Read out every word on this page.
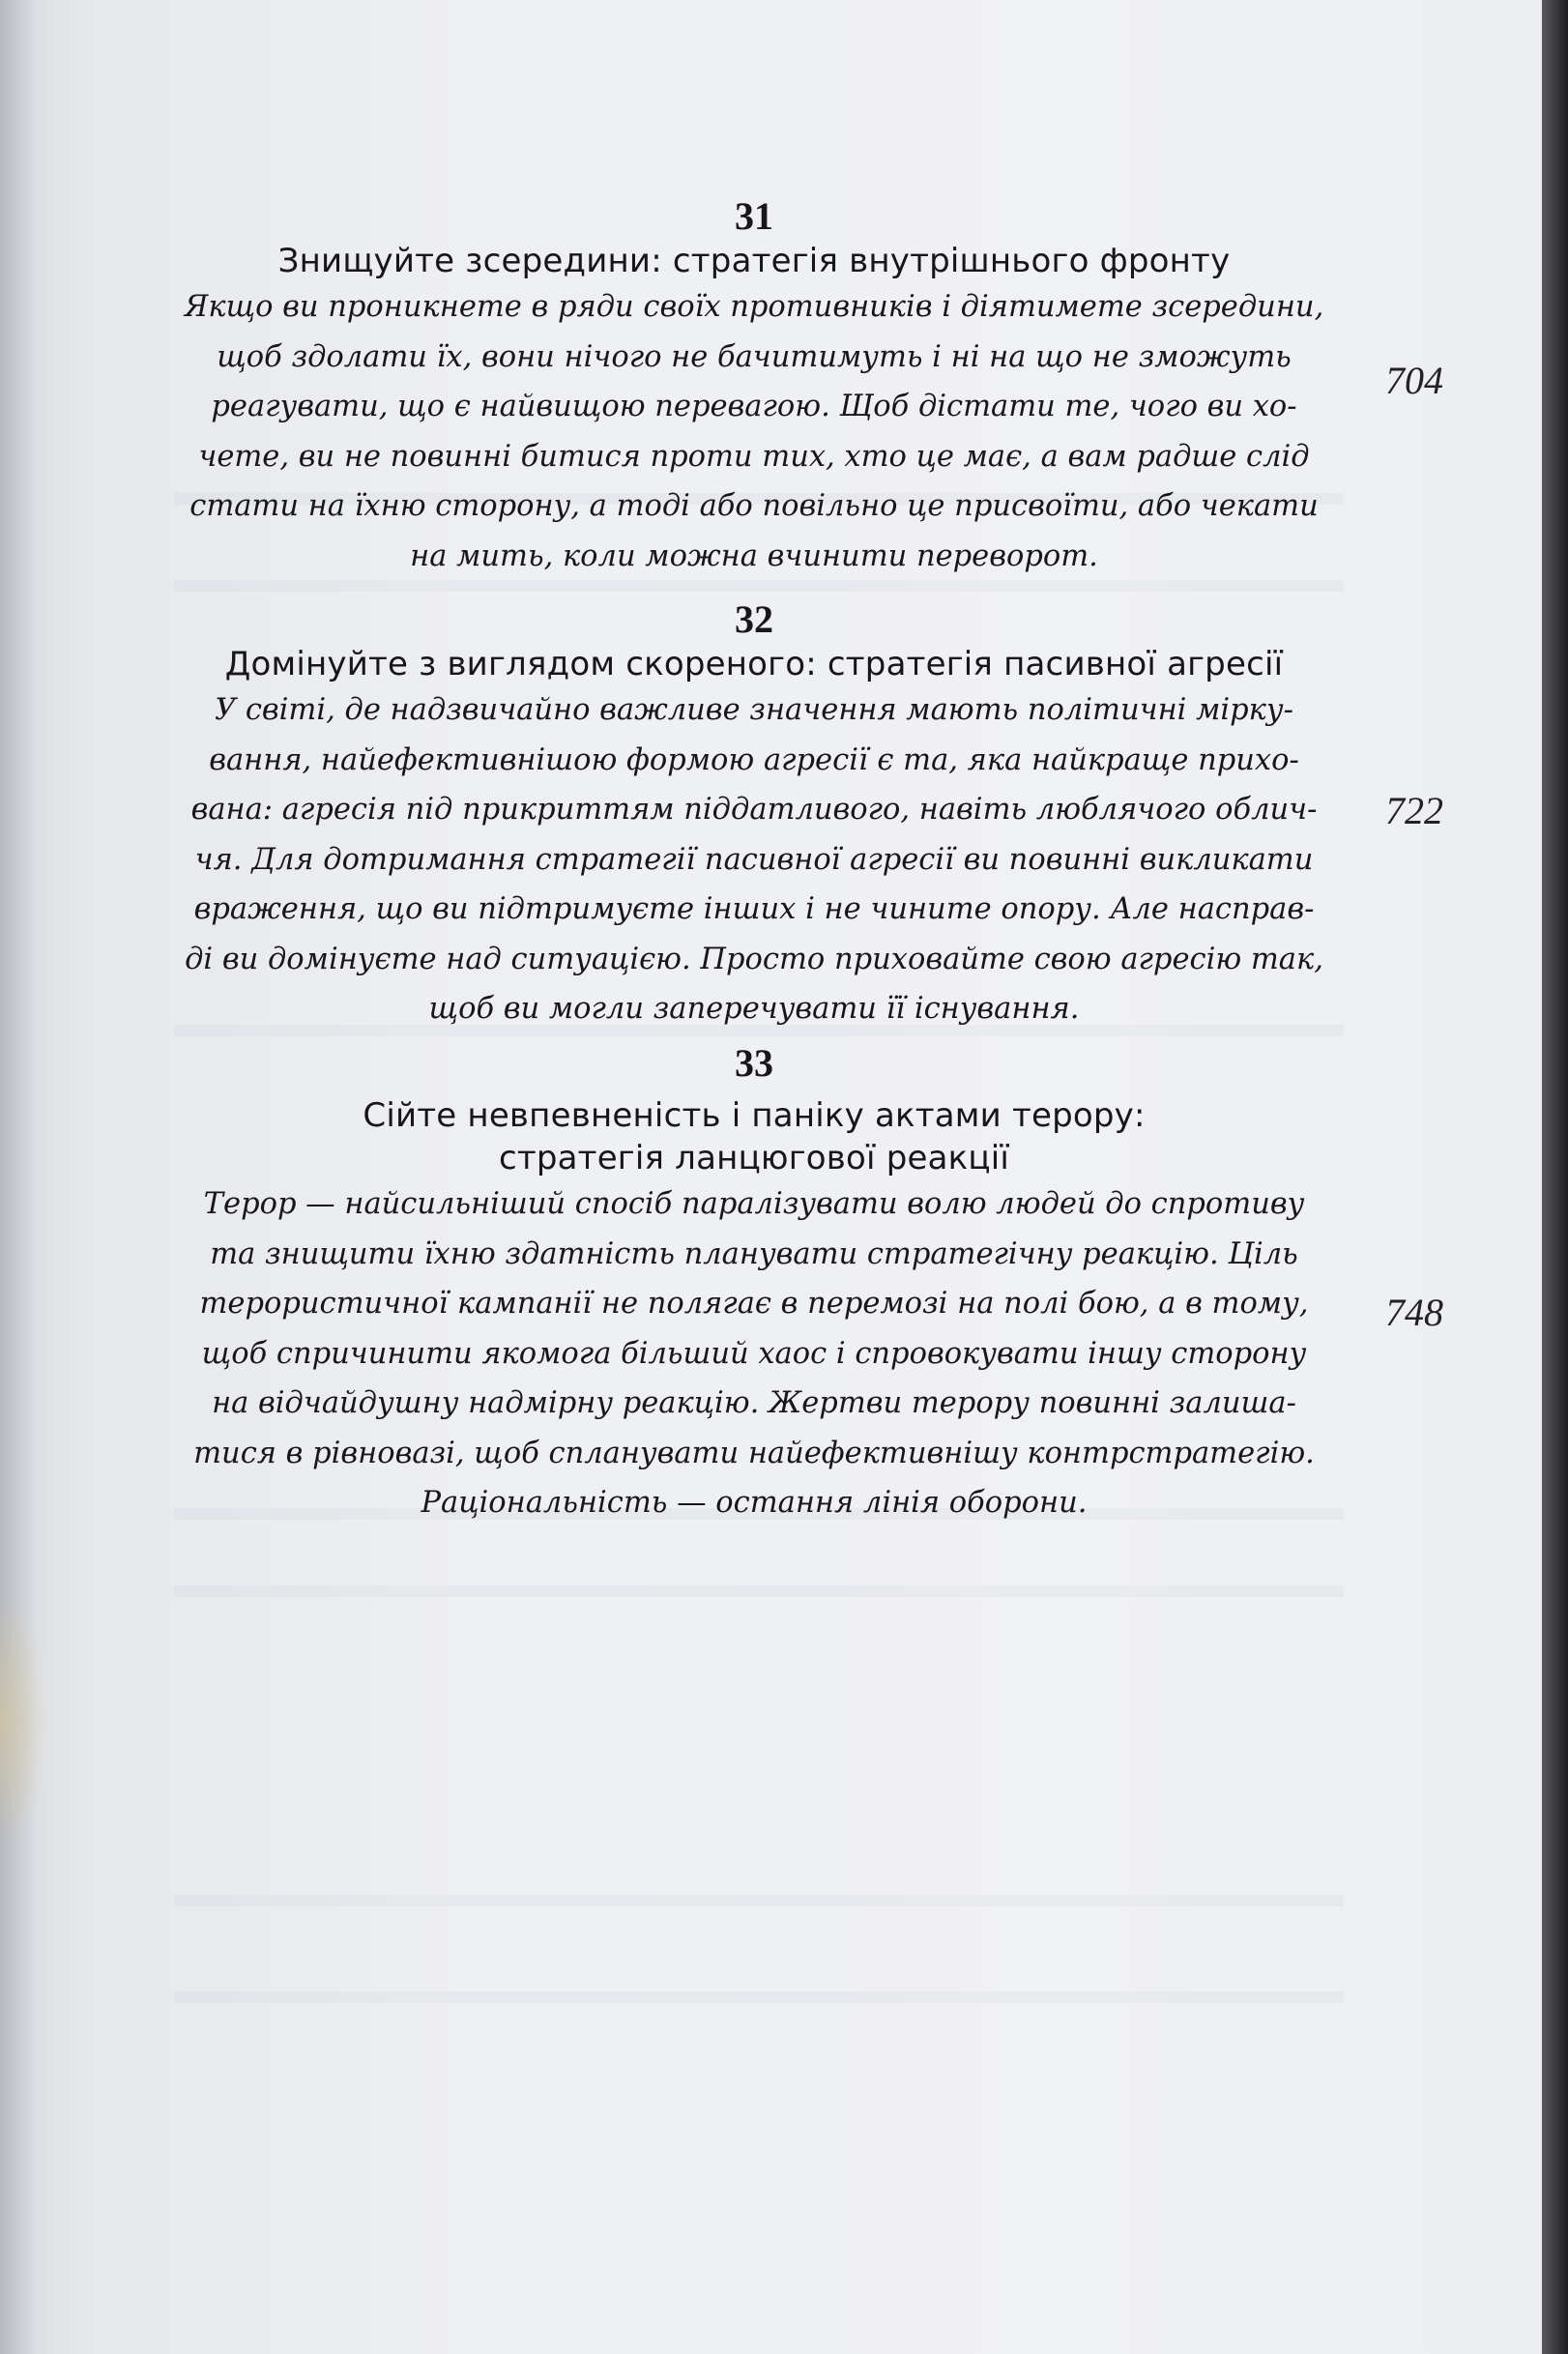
31

Знищуйте зсередини: стратегія внутрішнього фронту

Якщо ви проникнете в ряди своїх противників і діятимете зсередини,

щоб здолати їх, вони нічого не бачитимуть і ні на що не зможуть

реагувати, що є найвищою перевагою. Щоб дістати те, чого ви хо-

чете, ви не повинні битися проти тих, хто це має, а вам радше слід

стати на їхню сторону, а тоді або повільно це присвоїти, або чекати

на мить, коли можна вчинити переворот.

704

32

Домінуйте з виглядом скореного: стратегія пасивної агресії

У світі, де надзвичайно важливе значення мають політичні мірку-

вання, найефективнішою формою агресії є та, яка найкраще прихо-

вана: агресія під прикриттям піддатливого, навіть люблячого облич-

чя. Для дотримання стратегії пасивної агресії ви повинні викликати

враження, що ви підтримуєте інших і не чините опору. Але насправ-

ді ви домінуєте над ситуацією. Просто приховайте свою агресію так,

щоб ви могли заперечувати її існування.

722

33

Сійте невпевненість і паніку актами терору:

стратегія ланцюгової реакції

Терор — найсильніший спосіб паралізувати волю людей до спротиву

та знищити їхню здатність планувати стратегічну реакцію. Ціль

терористичної кампанії не полягає в перемозі на полі бою, а в тому,

щоб спричинити якомога більший хаос і спровокувати іншу сторону

на відчайдушну надмірну реакцію. Жертви терору повинні залиша-

тися в рівновазі, щоб спланувати найефективнішу контрстратегію.

Раціональність — остання лінія оборони.

748
